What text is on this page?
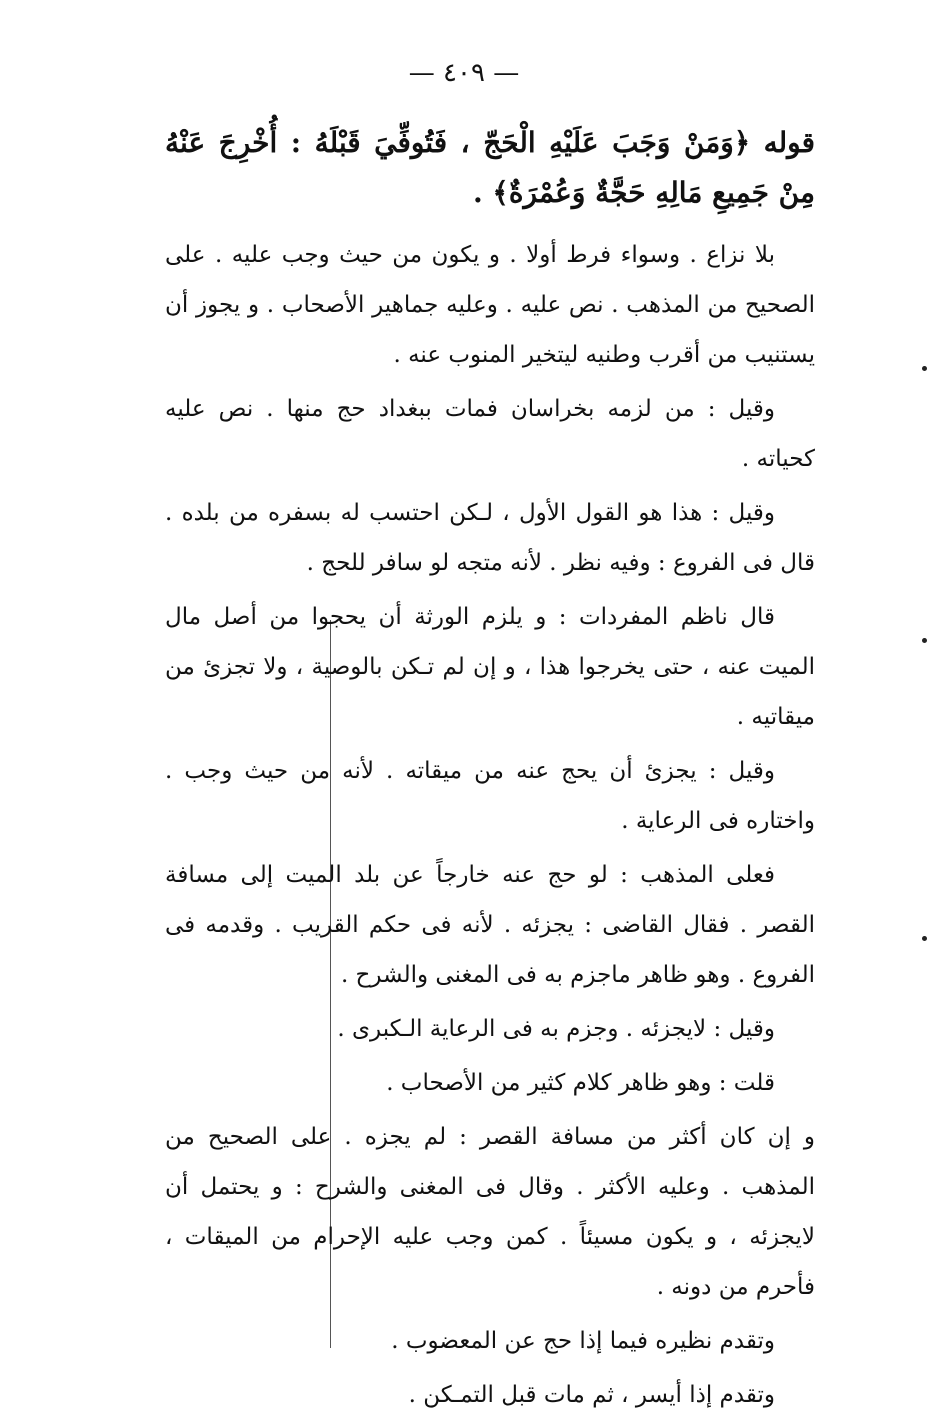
— ٤٠٩ —

قوله ﴿وَمَنْ وَجَبَ عَلَيْهِ الْحَجّ ، فَتُوفِّيَ قَبْلَهُ : أُخْرِجَ عَنْهُ مِنْ جَمِيعِ مَالِهِ حَجَّةٌ وَعُمْرَةٌ﴾ .

بلا نزاع . وسواء فرط أولا . و يكون من حيث وجب عليه . على الصحيح من المذهب . نص عليه . وعليه جماهير الأصحاب . و يجوز أن يستنيب من أقرب وطنيه ليتخير المنوب عنه .

وقيل : من لزمه بخراسان فمات ببغداد حج منها . نص عليه كحياته .

وقيل : هذا هو القول الأول ، لـكن احتسب له بسفره من بلده . قال فى الفروع : وفيه نظر . لأنه متجه لو سافر للحج .

قال ناظم المفردات : و يلزم الورثة أن يحجوا من أصل مال الميت عنه ، حتى يخرجوا هذا ، و إن لم تـكن بالوصية ، ولا تجزئ من ميقاتيه .

وقيل : يجزئ أن يحج عنه من ميقاته . لأنه من حيث وجب . واختاره فى الرعاية .

فعلى المذهب : لو حج عنه خارجاً عن بلد الميت إلى مسافة القصر . فقال القاضى : يجزئه . لأنه فى حكم القريب . وقدمه فى الفروع . وهو ظاهر ماجزم به فى المغنى والشرح .

وقيل : لايجزئه . وجزم به فى الرعاية الـكبرى .

قلت : وهو ظاهر كلام كثير من الأصحاب .

و إن كان أكثر من مسافة القصر : لم يجزه . على الصحيح من المذهب . وعليه الأكثر . وقال فى المغنى والشرح : و يحتمل أن لايجزئه ، و يكون مسيئاً . كمن وجب عليه الإحرام من الميقات ، فأحرم من دونه .

وتقدم نظيره فيما إذا حج عن المعضوب .

وتقدم إذا أيسر ، ثم مات قبل التمـكن .
